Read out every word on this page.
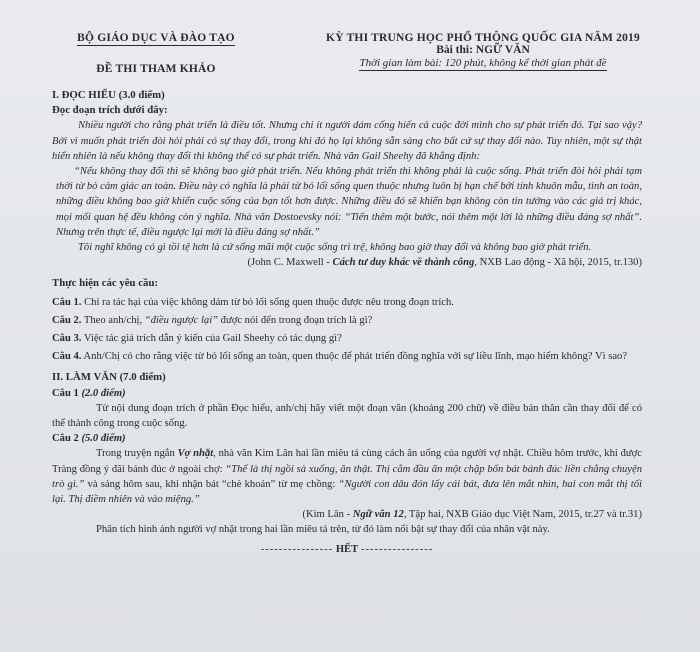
BỘ GIÁO DỤC VÀ ĐÀO TẠO
ĐỀ THI THAM KHẢO
KỲ THI TRUNG HỌC PHỔ THÔNG QUỐC GIA NĂM 2019
Bài thi: NGỮ VĂN
Thời gian làm bài: 120 phút, không kể thời gian phát đề
I. ĐỌC HIỂU (3.0 điểm)
Đọc đoạn trích dưới đây:
Nhiều người cho rằng phát triển là điều tốt. Nhưng chỉ ít người dám cống hiến cả cuộc đời mình cho sự phát triển đó. Tại sao vậy? Bởi vì muốn phát triển đòi hỏi phải có sự thay đổi, trong khi đó họ lại không sẵn sàng cho bất cứ sự thay đổi nào. Tuy nhiên, một sự thật hiển nhiên là nếu không thay đổi thì không thể có sự phát triển. Nhà văn Gail Sheehy đã khẳng định:
“Nếu không thay đổi thì sẽ không bao giờ phát triển. Nếu không phát triển thì không phải là cuộc sống. Phát triển đòi hỏi phải tạm thời từ bỏ cảm giác an toàn. Điều này có nghĩa là phải từ bỏ lối sống quen thuộc nhưng luôn bị hạn chế bởi tính khuôn mẫu, tình an toàn, những điều không bao giờ khiến cuộc sống của bạn tốt hơn được. Những điều đó sẽ khiến bạn không còn tin tưởng vào các giá trị khác, mọi mối quan hệ đều không còn ý nghĩa. Nhà văn Dostoevsky nói: “Tiến thêm một bước, nói thêm một lời là những điều đáng sợ nhất”. Nhưng trên thực tế, điều ngược lại mới là điều đáng sợ nhất.”
Tôi nghĩ không có gì tồi tệ hơn là cứ sống mãi một cuộc sống trì trệ, không bao giờ thay đổi và không bao giờ phát triển.
(John C. Maxwell - Cách tư duy khác về thành công, NXB Lao động - Xã hội, 2015, tr.130)
Thực hiện các yêu cầu:
Câu 1. Chỉ ra tác hại của việc không dám từ bỏ lối sống quen thuộc được nêu trong đoạn trích.
Câu 2. Theo anh/chị, “điều ngược lại” được nói đến trong đoạn trích là gì?
Câu 3. Việc tác giả trích dẫn ý kiến của Gail Sheehy có tác dụng gì?
Câu 4. Anh/Chị có cho rằng việc từ bỏ lối sống an toàn, quen thuộc để phát triển đồng nghĩa với sự liều lĩnh, mạo hiểm không? Vì sao?
II. LÀM VĂN (7.0 điểm)
Câu 1 (2.0 điểm)
Từ nội dung đoạn trích ở phần Đọc hiểu, anh/chị hãy viết một đoạn văn (khoảng 200 chữ) về điều bản thân cần thay đổi để có thể thành công trong cuộc sống.
Câu 2 (5.0 điểm)
Trong truyện ngắn Vợ nhặt, nhà văn Kim Lân hai lần miêu tả cùng cách ăn uống của người vợ nhặt. Chiều hôm trước, khi được Tràng đồng ý đãi bánh đúc ở ngoài chợ: “Thế là thị ngồi sà xuống, ăn thật. Thị cắm đầu ăn một chặp bốn bát bánh đúc liền chẳng chuyện trò gì.” và sáng hôm sau, khi nhận bát “chè khoán” từ mẹ chồng: “Người con dâu đón lấy cái bát, đưa lên mắt nhìn, hai con mắt thị tối lại. Thị điềm nhiên và vào miệng.”
(Kim Lân - Ngữ văn 12, Tập hai, NXB Giáo dục Việt Nam, 2015, tr.27 và tr.31)
Phân tích hình ảnh người vợ nhặt trong hai lần miêu tả trên, từ đó làm nổi bật sự thay đổi của nhân vật này.
---------------- HẾT ----------------
